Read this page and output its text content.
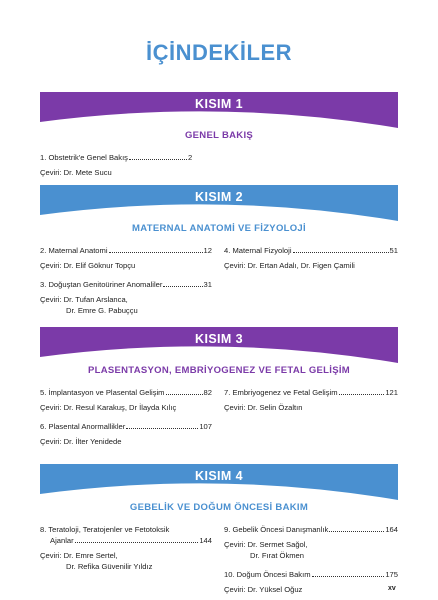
İÇİNDEKİLER
KISIM 1
GENEL BAKIŞ
1. Obstetrik'e Genel Bakış	2
Çeviri: Dr. Mete Sucu
KISIM 2
MATERNAL ANATOMİ VE FİZYOLOJİ
2. Maternal Anatomi	12
Çeviri: Dr. Elif Göknur Topçu
3. Doğuştan Genitoüriner Anomaliler	31
Çeviri: Dr. Tufan Arslanca,
Dr. Emre G. Pabuççu
4. Maternal Fizyoloji	51
Çeviri: Dr. Ertan Adalı, Dr. Figen Çamili
KISIM 3
PLASENTASYON, EMBRİYOGENEZ VE FETAL GELİŞİM
5. İmplantasyon ve Plasental Gelişim	82
Çeviri: Dr. Resul Karakuş, Dr İlayda Kılıç
6. Plasental Anormallikler	107
Çeviri: Dr. İlter Yenidede
7. Embriyogenez ve Fetal Gelişim	121
Çeviri: Dr. Selin Özaltın
KISIM 4
GEBELİK VE DOĞUM ÖNCESİ BAKIM
8. Teratoloji, Teratojenler ve Fetotoksik
Ajanlar	144
Çeviri: Dr. Emre Sertel,
Dr. Refika Güvenilir Yıldız
9. Gebelik Öncesi Danışmanlık	164
Çeviri: Dr. Sermet Sağol,
Dr. Fırat Ökmen
10. Doğum Öncesi Bakım	175
Çeviri: Dr. Yüksel Oğuz	xv
